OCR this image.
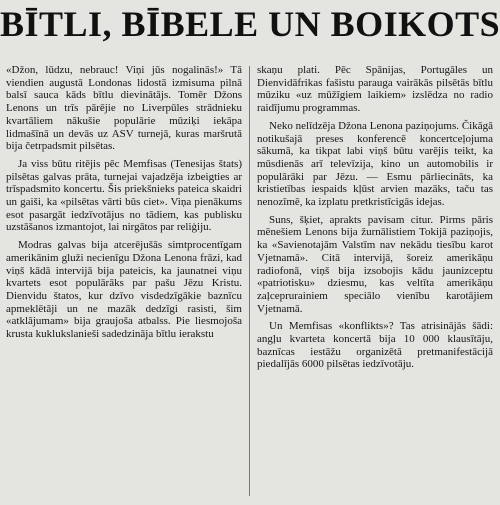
BĪTLI, BĪBELE UN BOIKOTS

«Džon, lūdzu, nebrauc! Viņi jūs nogalinās!» Tā viendien augustā Londonas lidostā izmisuma pilnā balsī sauca kāds bītlu dievinātājs. Tomēr Džons Lenons un trīs pārējie no Liverpūles strādnieku kvartāliem nākušie populārie mūziķi iekāpa lidmašīnā un devās uz ASV turnejā, kuras maršrutā bija četrpadsmit pilsētas.

Ja viss būtu ritējis pēc Memfisas (Tenesijas štats) pilsētas galvas prāta, turnejai vajadzēja izbeigties ar trīspadsmito koncertu. Šis priekšnieks pateica skaidri un gaiši, ka «pilsētas vārti būs ciet». Viņa pienākums esot pasargāt iedzīvotājus no tādiem, kas publisku uzstāšanos izmantojot, lai nirgātos par reliģiju.

Modras galvas bija atcerējušās simtprocentīgam amerikānim gluži necienīgu Džona Lenona frāzi, kad viņš kādā intervijā bija pateicis, ka jaunatnei viņu kvartets esot populārāks par pašu Jēzu Kristu. Dienvidu štatos, kur dzīvo visdedzīgākie baznīcu apmeklētāji un ne mazāk dedzīgi rasisti, šim «atklājumam» bija graujoša atbalss. Pie liesmojoša krusta kuklukslanieši sadedzināja bītlu ierakstu

skaņu plati. Pēc Spānijas, Portugāles un Dienvidāfrikas fašistu parauga vairākās pilsētās bītlu mūziku «uz mūžīgiem laikiem» izslēdza no radio raidījumu programmas.

Neko nelīdzēja Džona Lenona paziņojums. Čikāgā notikušajā preses konferencē koncertceļojuma sākumā, ka tikpat labi viņš būtu varējis teikt, ka mūsdienās arī televīzija, kino un automobilis ir populārāki par Jēzu. — Esmu pārliecināts, ka kristietības iespaids kļūst arvien mazāks, taču tas nenozīmē, ka izplatu pretkristīcigās idejas.

Suns, šķiet, aprakts pavisam citur. Pirms pāris mēnešiem Lenons bija žurnālistiem Tokijā paziņojis, ka «Savienotajām Valstīm nav nekādu tiesību karot Vjetnamā». Citā intervijā, šoreiz amerikāņu radiofonā, viņš bija izsobojis kādu jaunizceptu «patriotisku» dziesmu, kas veltīta amerikāņu zaļceprurainiem speciālo vienību karotājiem Vjetnamā.

Un Memfisas «konflikts»? Tas atrisinājās šādi: angļu kvarteta koncertā bija 10 000 klausītāju, baznīcas iestāžu organizētā pretmanifestācijā piedalījās 6000 pilsētas iedzīvotāju.
